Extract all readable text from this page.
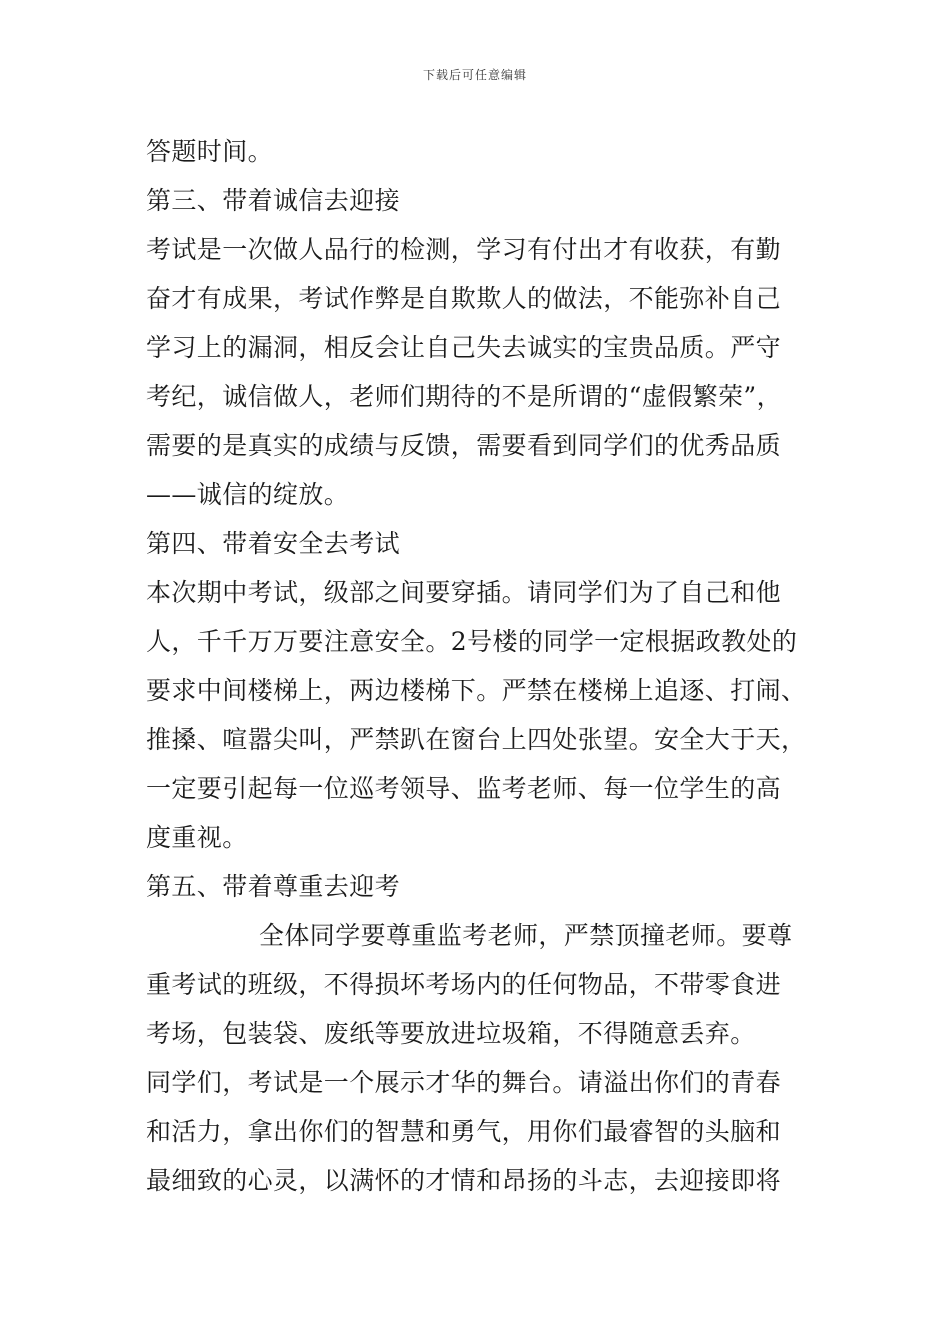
下载后可任意编辑
答题时间。
第三、带着诚信去迎接
考试是一次做人品行的检测，学习有付出才有收获，有勤
奋才有成果，考试作弊是自欺欺人的做法，不能弥补自己
学习上的漏洞，相反会让自己失去诚实的宝贵品质。严守
考纪，诚信做人，老师们期待的不是所谓的“虚假繁荣”，
需要的是真实的成绩与反馈，需要看到同学们的优秀品质
——诚信的绽放。
第四、带着安全去考试
本次期中考试，级部之间要穿插。请同学们为了自己和他
人，千千万万要注意安全。2号楼的同学一定根据政教处的
要求中间楼梯上，两边楼梯下。严禁在楼梯上追逐、打闹、
推搡、喧嚣尖叫，严禁趴在窗台上四处张望。安全大于天，
一定要引起每一位巡考领导、监考老师、每一位学生的高
度重视。
第五、带着尊重去迎考
全体同学要尊重监考老师，严禁顶撞老师。要尊
重考试的班级，不得损坏考场内的任何物品，不带零食进
考场，包装袋、废纸等要放进垃圾箱，不得随意丢弃。
同学们，考试是一个展示才华的舞台。请溢出你们的青春
和活力，拿出你们的智慧和勇气，用你们最睿智的头脑和
最细致的心灵，以满怀的才情和昂扬的斗志，去迎接即将
